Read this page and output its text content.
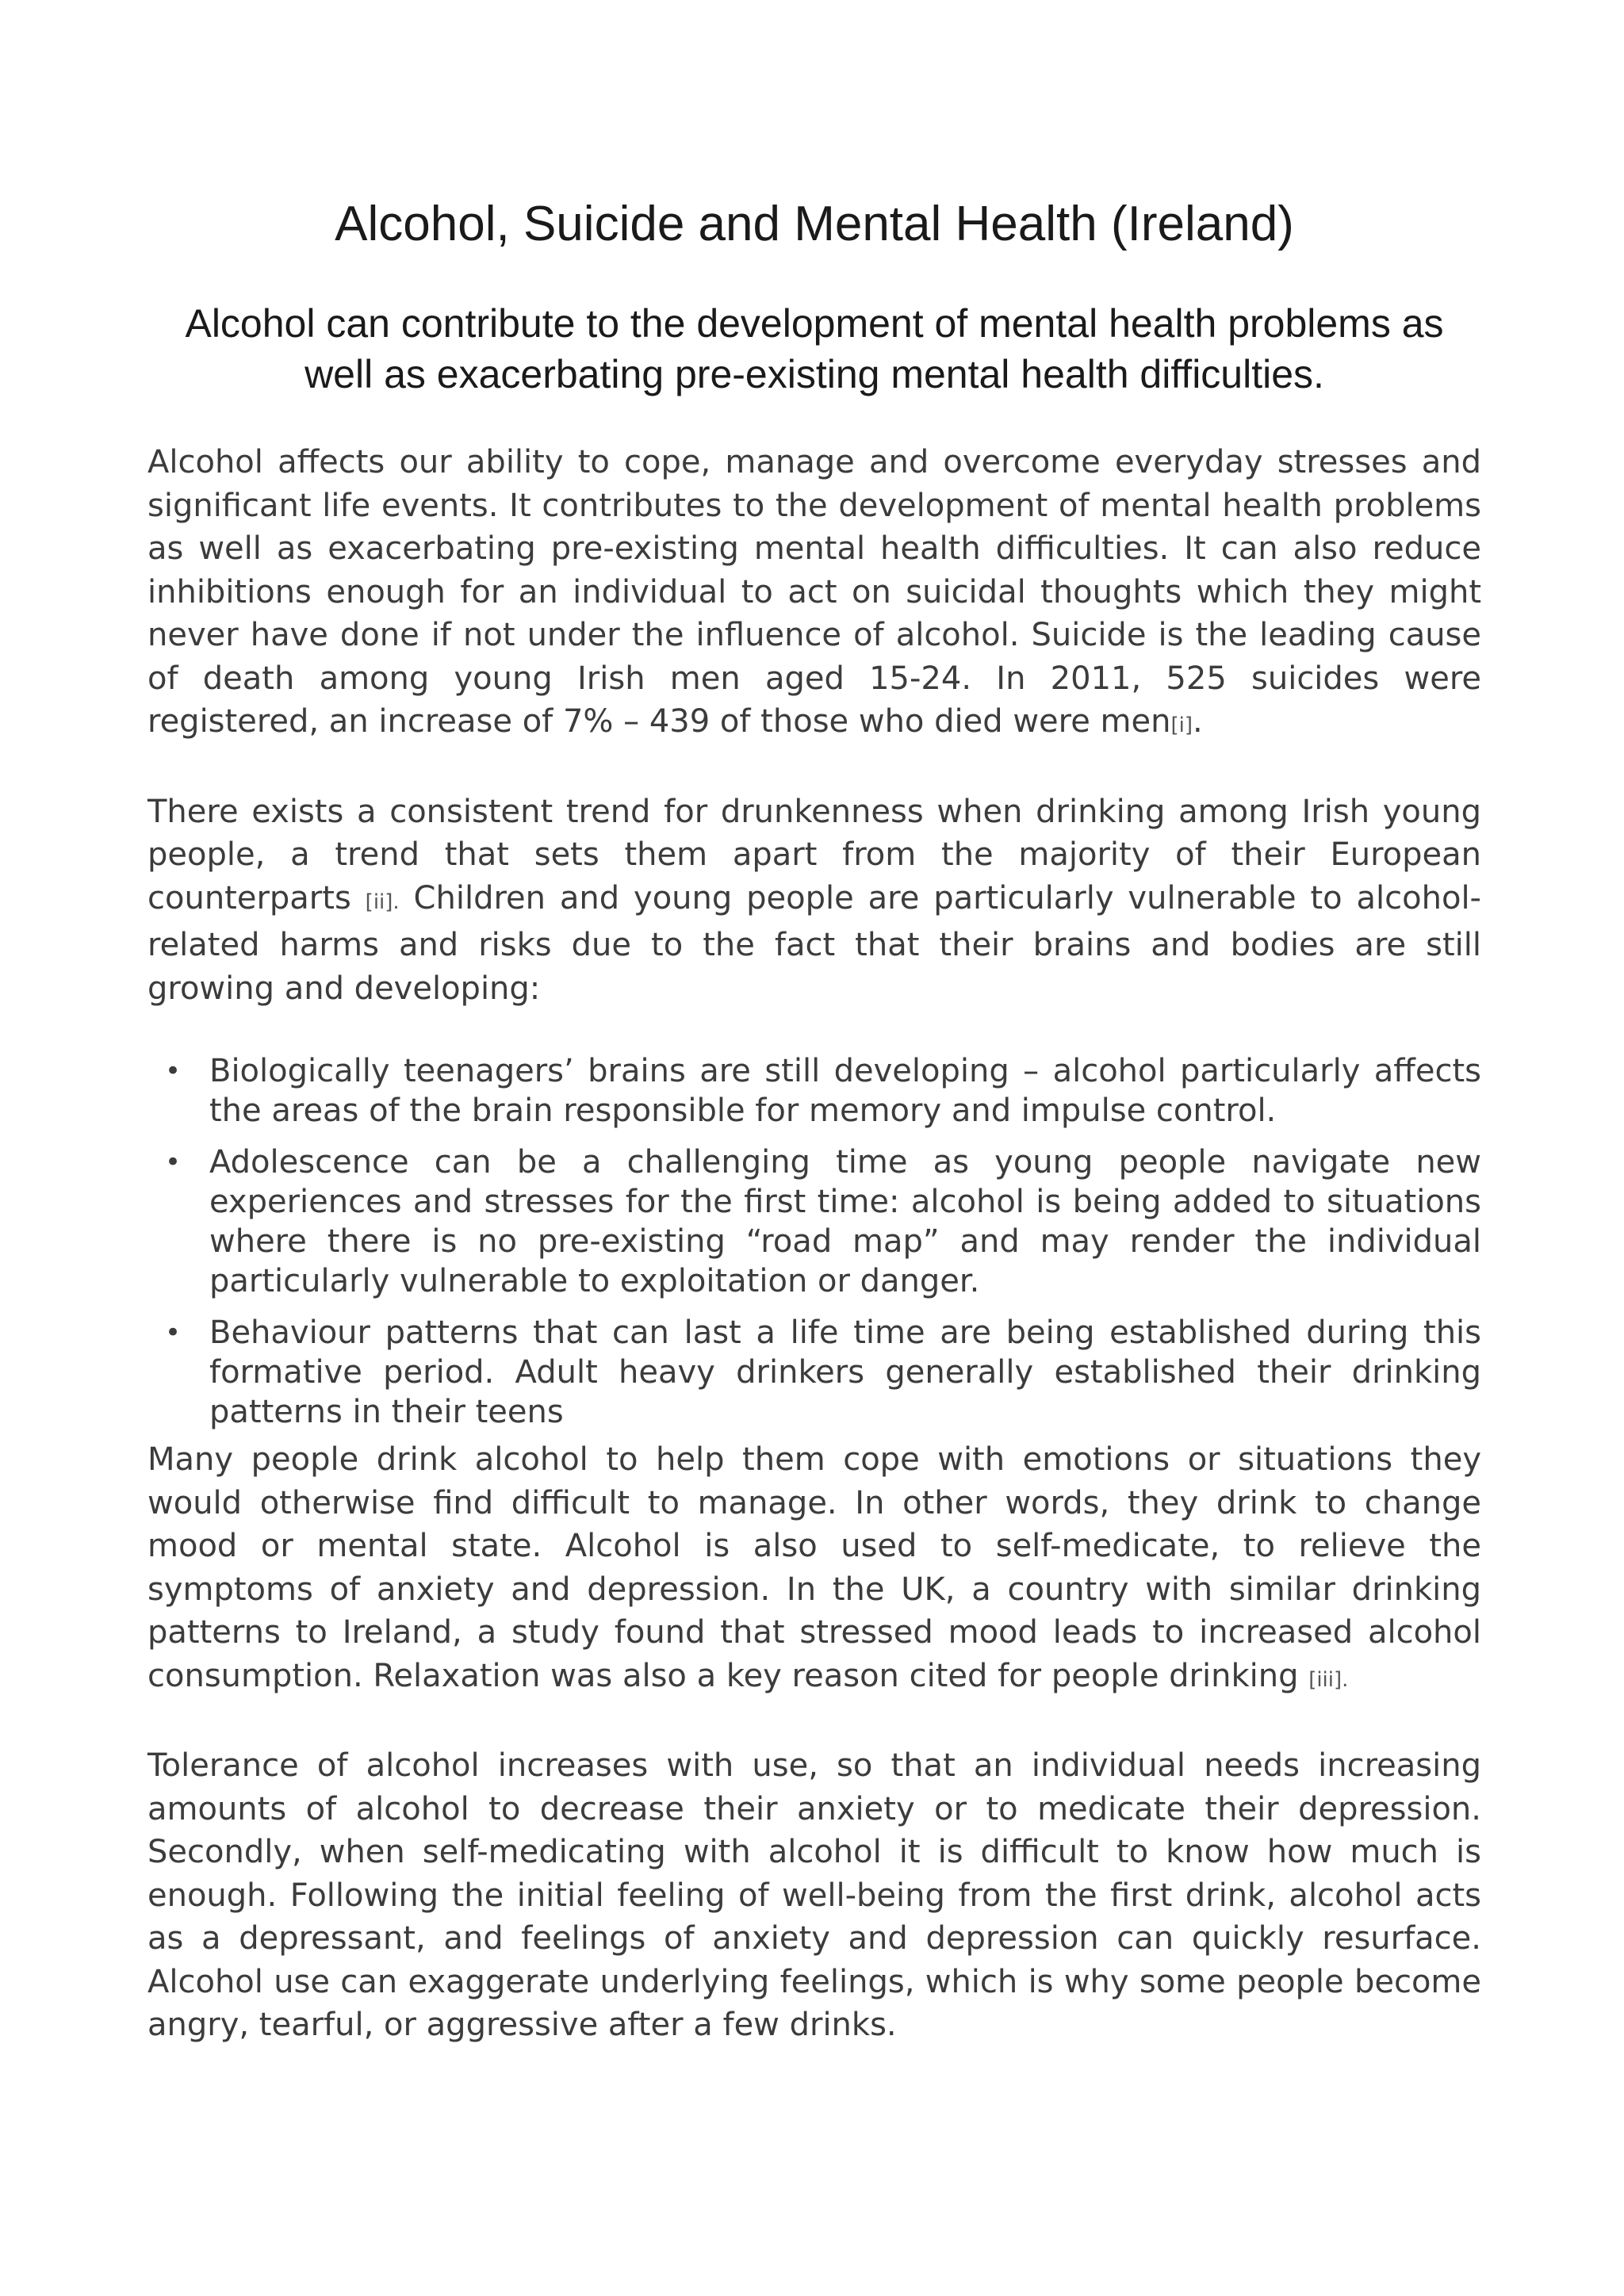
Alcohol, Suicide and Mental Health (Ireland)
Alcohol can contribute to the development of mental health problems as well as exacerbating pre-existing mental health difficulties.

Alcohol affects our ability to cope, manage and overcome everyday stresses and significant life events. It contributes to the development of mental health problems as well as exacerbating pre-existing mental health difficulties. It can also reduce inhibitions enough for an individual to act on suicidal thoughts which they might never have done if not under the influence of alcohol. Suicide is the leading cause of death among young Irish men aged 15-24. In 2011, 525 suicides were registered, an increase of 7% – 439 of those who died were men[i].

There exists a consistent trend for drunkenness when drinking among Irish young people, a trend that sets them apart from the majority of their European counterparts [ii]. Children and young people are particularly vulnerable to alcohol-related harms and risks due to the fact that their brains and bodies are still growing and developing:

• Biologically teenagers’ brains are still developing – alcohol particularly affects the areas of the brain responsible for memory and impulse control.
• Adolescence can be a challenging time as young people navigate new experiences and stresses for the first time: alcohol is being added to situations where there is no pre-existing “road map” and may render the individual particularly vulnerable to exploitation or danger.
• Behaviour patterns that can last a life time are being established during this formative period. Adult heavy drinkers generally established their drinking patterns in their teens

Many people drink alcohol to help them cope with emotions or situations they would otherwise find difficult to manage. In other words, they drink to change mood or mental state. Alcohol is also used to self-medicate, to relieve the symptoms of anxiety and depression. In the UK, a country with similar drinking patterns to Ireland, a study found that stressed mood leads to increased alcohol consumption. Relaxation was also a key reason cited for people drinking [iii].

Tolerance of alcohol increases with use, so that an individual needs increasing amounts of alcohol to decrease their anxiety or to medicate their depression. Secondly, when self-medicating with alcohol it is difficult to know how much is enough. Following the initial feeling of well-being from the first drink, alcohol acts as a depressant, and feelings of anxiety and depression can quickly resurface. Alcohol use can exaggerate underlying feelings, which is why some people become angry, tearful, or aggressive after a few drinks.
